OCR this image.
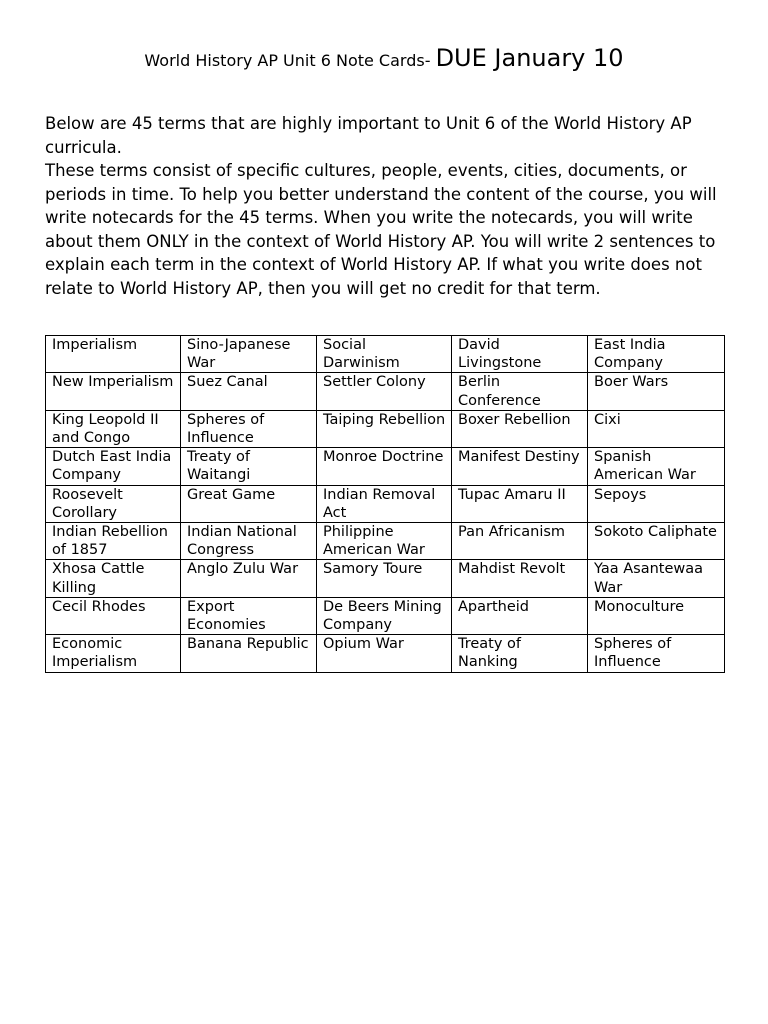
World History AP Unit 6 Note Cards- DUE January 10

Below are 45 terms that are highly important to Unit 6 of the World History AP curricula.

These terms consist of specific cultures, people, events, cities, documents, or periods in time. To help you better understand the content of the course, you will write notecards for the 45 terms. When you write the notecards, you will write about them ONLY in the context of World History AP. You will write 2 sentences to explain each term in the context of World History AP. If what you write does not relate to World History AP, then you will get no credit for that term.

Imperialism	Sino-Japanese War	Social Darwinism	David Livingstone	East India Company
New Imperialism	Suez Canal	Settler Colony	Berlin Conference	Boer Wars
King Leopold II and Congo	Spheres of Influence	Taiping Rebellion	Boxer Rebellion	Cixi
Dutch East India Company	Treaty of Waitangi	Monroe Doctrine	Manifest Destiny	Spanish American War
Roosevelt Corollary	Great Game	Indian Removal Act	Tupac Amaru II	Sepoys
Indian Rebellion of 1857	Indian National Congress	Philippine American War	Pan Africanism	Sokoto Caliphate
Xhosa Cattle Killing	Anglo Zulu War	Samory Toure	Mahdist Revolt	Yaa Asantewaa War
Cecil Rhodes	Export Economies	De Beers Mining Company	Apartheid	Monoculture
Economic Imperialism	Banana Republic	Opium War	Treaty of Nanking	Spheres of Influence
